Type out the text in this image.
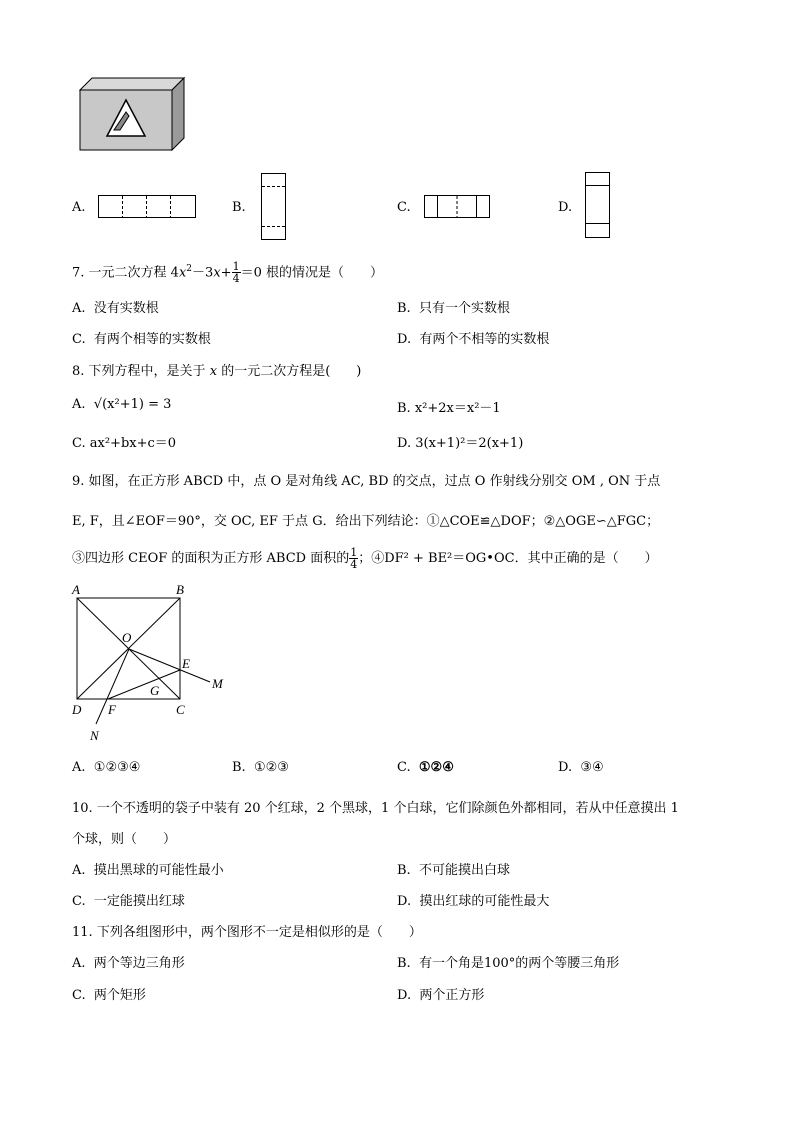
A.	B.	C.	D.
7. 一元二次方程 $4x^2-3x+ \frac{1}{4} =0$ 根的情况是（　　）
A. 没有实数根	B. 只有一个实数根
C. 有两个相等的实数根	D. 有两个不相等的实数根
8. 下列方程中，是关于 x 的一元二次方程是(　　)
A. √(x²+1) = 3	B. x²+2x＝x²－1
C. ax²+bx+c＝0	D. 3(x+1)²＝2(x+1)
9. 如图，在正方形 ABCD 中，点 O 是对角线 AC, BD 的交点，过点 O 作射线分别交 OM , ON 于点
E, F，且∠EOF＝90°，交 OC, EF 于点 G．给出下列结论：①△COE≌△DOF；②△OGE∽△FGC；
③四边形 CEOF 的面积为正方形 ABCD 面积的 $\frac{1}{4}$ ；④DF² + BE²＝OG•OC．其中正确的是（　　）
A	B
D	C
O
E
F
G	M
N
A. ①②③④	B. ①②③	C. ①②④	D. ③④
10. 一个不透明的袋子中装有 20 个红球，2 个黑球，1 个白球，它们除颜色外都相同，若从中任意摸出 1
个球，则（　　）
A. 摸出黑球的可能性最小	B. 不可能摸出白球
C. 一定能摸出红球	D. 摸出红球的可能性最大
11. 下列各组图形中，两个图形不一定是相似形的是（　　）
A. 两个等边三角形	B. 有一个角是100°的两个等腰三角形
C. 两个矩形	D. 两个正方形
